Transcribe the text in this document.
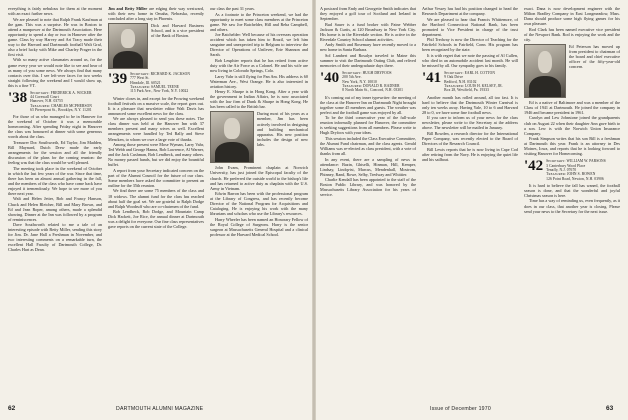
everything is fairly nebulous for them at the moment with an exact further news.

We are pleased to note that Ralph Frank Kaufman at the gam. This was a surprise. He was in Boston to attend a manpower at the Dartmouth Association. Here opportunity to spend a day or two in Hanover after the game. Class by way Harvey and Art Tracy made their way to the Harvard and Dartmouth football Walt Graf, also a brief lucky with Mike and Charley Prager in the first visit.

With so many active classmates around us, for the game every year we would note like to see and hear of as many of you some news. We always find that many contacts over this. I see left-over faces for two weeks straight following the weekend and I would show up, this is a fine VT.

'38 Secretary: FREDERICK A. WICKER
44 Cornwall Court
Hanover, N.H. 03755
Treasurer: CHARLES MCPHERSON
65 Pierrepont St., Brooklyn, N.Y. 11201

For those of us who managed to be in Hanover for the weekend of October it was a memorable homecoming. After spending Friday night in Hanover the class was honoured at dinner with some generous words about the class.

Treasurer Doc Southworth, Ed Taylor, Jim Madden, Bill Maynard, Dutch Drew made the early arrangements for the session and all the friendly discussion of the plans for the coming reunion: the feeling was that the class would be well pleased.

The meeting took place in the weekend of October in which the last few years of the war. Since that time, there has been an almost annual gathering in the fall, and the members of the class who have come back have enjoyed it tremendously. We hope to see more of you there next year.

Walt and Helen Jetter, Bob and Francy Hanson, Chuck and Helen Bleicher, Bill and Mary Brown, and Ed and Jean Roper, among others, made a splendid showing. Dinner at the Inn was followed by a program of reminiscences.

Dave Southworth related to me a tale of an interesting episode with Betty Miller, sending this story for Jim. Dr. Jane Hall a Freshman in November, and two interesting comments on a remarkable turn, the excellent Hall Faculty of Dartmouth College, Dr. Charles Hart as Dean.

Jim and Betty Miller are edging their way westward, with their new home in Omaha, Nebraska, recently concluded after a long stay in Phoenix.

Dick and Harvard Business School, and is a vice president of the Bank of Boston.
'39 Secretary: RICHARD K. JACKSON
777 West St.
Hinsdale, Ill. 60521
Treasurer: SAMUEL TEENE
115 Park Ave., New York, N.Y. 10022

Winter closes in, and except for the Prowing weekend football festivals on a massive scale, the report goes out. It is a pleasure that newsletter editor Walt Davis has announced some excellent news for the class.

We are always pleased to send you these notes. The class dinner was held at the Hanover Inn with 37 members present and many wives as well. Excellent arrangements were handled by Ted Rally and Steve Mencken, to whom we owe a large vote of thanks.

Among those present were Mose Wyman, Larry Vahr, Ted Webb and George Hanna, Bob Lawrence, Al Warner, and the Jack Cushman, Bob Lendbeck, and many others. No money passed hands, but we did enjoy the bountiful buffet.

A report from your Secretary indicated concern on the part of the Alumni Council for the future of our class. Some members have asked the committee to present an outline for the 35th reunion.

We find there are some 75 members of the class and 18 widows. The alumni fund for the class has reached about half the goal set. We are grateful to Ralph Dodge and Ralph Woodruff who are co-chairmen of the fund.

Bob Lendbeck, Bob Dodge, and Mountain Camp Dick Hackett, Joe Rice, the annual dinner at Dartmouth was a delight for everyone. Our fine class representatives gave reports on the current state of the College.

our class the past 31 years.

As a footnote to the Princeton weekend, we had the opportunity to meet some class members at the Princeton game. We saw Joe Batchelder, Hill and Reba Campbell, and others.

Joe Batchelder: Well because of his overseas operation accident which has taken him to Brazil, we left him sanguine and unexpected trip to Belgium to interview the Director of Operations of Unilever, Erie Shannon and Sarah.

Bob Leuphier reports that he has retired from active duty with the Air Force as a Colonel. He and his wife are now living in Colorado Springs, Colo.

Larry Vahr is still flying for Pan Am. His address is 60 Waterman Ave., West Orange. He is also interested in aviation history.

Henry E. Sharpe is in Hong Kong. After a year with the government in Indian Affairs, he is now associated with the law firm of Dunk & Sharpe in Hong Kong. He has been called to the British bar.

During most of his years as a member, Jim has been actively involved in designing and building mechanical apparatus. His new position includes the design of new labs.

John Evans, Prominent chaplain at Norwich University, has just joined the Episcopal faculty of the church. He preferred the outside world to the bishop's life and has returned to active duty as chaplain with the U.S. Army in Vietnam.

Edwin Barron has been with the professional program at the Library of Congress, and has recently become Director of the National Program for Acquisitions and Cataloging. He is enjoying his work with the many librarians and scholars who use the Library's resources.

Harry Wheeler has been named an Honorary Fellow of the Royal College of Surgeons. Harry is the senior surgeon at Massachusetts General Hospital and a clinical professor at the Harvard Medical School.

62	DARTMOUTH ALUMNI MAGAZINE

A postcard from Endy and Georgette Smith indicates that they enjoyed a golf tour of Scotland and Ireland in September.

Bud Sauer is a fund broker with Paine Webber Jackson & Curtis, at 120 Broadway in New York City. His home is in the Riverdale section. He is active in the Riverdale Country School alumni activities.

Andy Smith and Rosemary have recently moved to a new home in Santa Barbara.

Sol Lambert and Rosalyn traveled to Maine this summer to visit the Dartmouth Outing Club, and relived memories of their undergraduate days there.

'40 Secretary: HUGH DRYFOOS
200 5th Ave.
New York, N.Y. 10010
Treasurer: DONALD R. RADNER
8 North Main St., Concord, N.H. 03301

It's coming out of my inner typewriter: the meeting of the class at the Hanover Inn on Dartmouth Night brought together some 45 members and guests. The weather was perfect and the football game was enjoyed by all.

To be the third consecutive year of the full-scale reunion informally planned for Hanover, the committee is seeking suggestions from all members. Please write to Hugh Dryfoos with your ideas.

This session included the Class Executive Committee, the Alumni Fund chairman, and the class agents. Gerald Williams was re-elected as class president, with a vote of thanks from all.

In any event, there are a sampling of news in attendance: Bazin, Ghiselli, Hinman, Hill, Kemper, Lindsay, Lindqvist, Marcus, Mendenhall, Mostrom, Phinney, Rand, Rowe, Selby, Tredway and Whittier.

Charlie Kendall has been appointed to the staff of the Boston Public Library, and was honored by the Massachusetts Library Association for his years of service.

Arthur Vessey has had his position changed to head the Research Department at the company.

We are pleased to hear that Francis Whittemore, of the Hartford Connecticut National Bank, has been promoted to Vice President in charge of the trust department.

Phil Tredway is now the Director of Teaching for the Fairfield Schools in Fairfield, Conn. His program has been recognized by the state.

It is with regret that we note the passing of Al Cullen, who died in an automobile accident last month. He will be missed by all. Our sympathy goes to his family.

'41 Secretary: EARL H. COTTON
9 Oak Drive
Bedford, N.H. 03102
Treasurer: LOUIS H. KELSEY, JR.
Box 28, Westfield, Pa. 19333

Another month has rolled around, all too fast. It is hard to believe that the Dartmouth Winter Carnival is only ten weeks away. Having Yale, 10 to 6 and Harvard 28 to 0, we have some fine football news.

If you care to inform us of your news for the class newsletter, please write to the Secretary at the address above. The newsletter will be mailed in January.

Bill Bowden, a research director for the International Paper Company, was recently elected to the Board of Directors of the Research Council.

Bill Lewis reports that he is now living in Cape Cod after retiring from the Navy. He is enjoying the quiet life and his sailboat.

exact. Dana is now development engineer with the Milton Bradley Company in East Longmeadow, Mass. Dana should produce some high flying games for his own pleasure.

Rod Clark has been named executive vice president of the Newport Bank. Rod is enjoying the work and the city.

Ed Peterson has moved up from president to chairman of the board and chief executive officer of the fifty-year-old concern.

Ed is a native of Baltimore and was a member of the Class of 1941 at Dartmouth. He joined the company in 1946 and became president in 1961.

Carolyn and Lew Johnstone joined the grandparents club on August 22 when their daughter Ann gave birth to a son. Lew is with the Norwich Union Insurance Company.

Frank Simpson writes that his son Bill is a freshman at Dartmouth this year. Frank is an attorney in Des Moines, Iowa, and reports that he is looking forward to visiting Hanover for Homecoming.

'42 Secretary: WILLIAM W. PARSONS
3 Canterbury Wood Place
Tenafly, N.J. 07670
Treasurer: JOHN S. BOWEN
126 Point Road, Newton, N.H. 03906

It is hard to believe the fall has waned, the football season is done, and that the wonderful and joyful Christmas season is here.

Time has a way of reminding us, even frequently, as it does in our class, that another year is closing. Please send your news to the Secretary for the next issue.

Issue of December 1970	63
